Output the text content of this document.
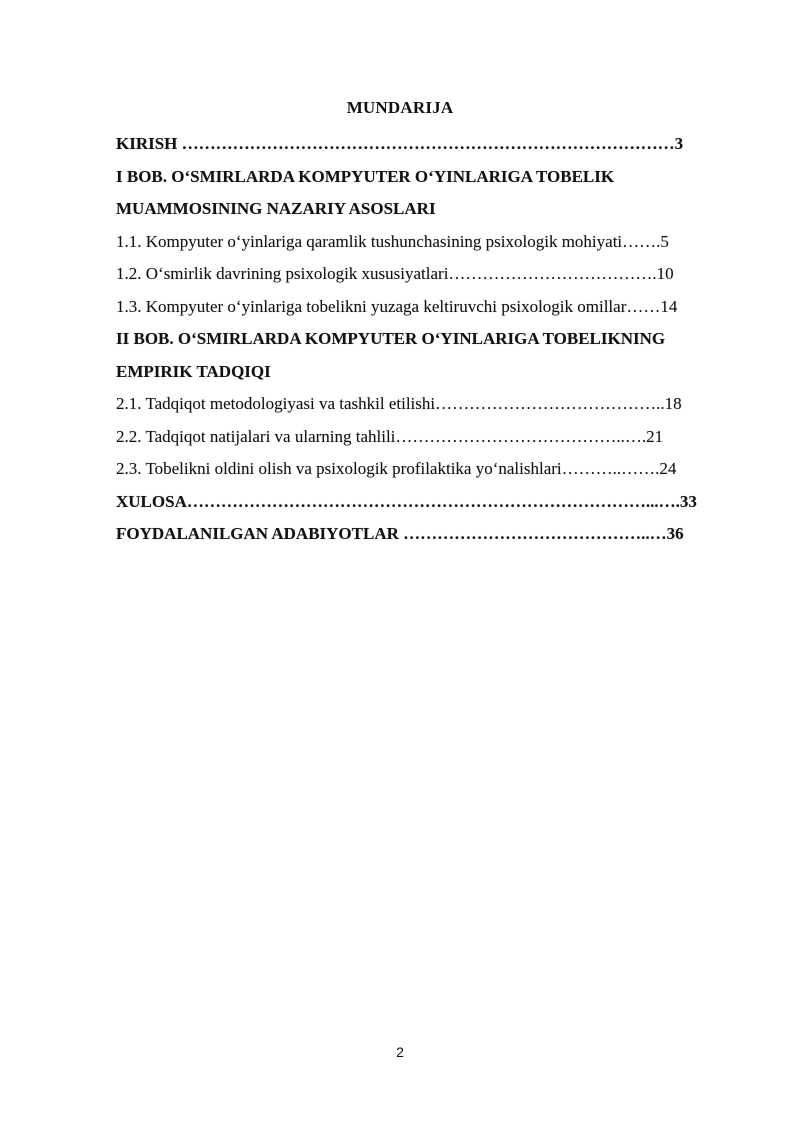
MUNDARIJA
KIRISH ……………………………………………………………………………3
I BOB. O‘SMIRLARDA KOMPYUTER O‘YINLARIGA TOBELIK
MUAMMOSINING NAZARIY ASOSLARI
1.1. Kompyuter o‘yinlariga qaramlik tushunchasining psixologik mohiyati…….5
1.2. O‘smirlik davrining psixologik xususiyatlari……………………………….10
1.3. Kompyuter o‘yinlariga tobelikni yuzaga keltiruvchi psixologik omillar……14
II BOB. O‘SMIRLARDA KOMPYUTER O‘YINLARIGA TOBELIKNING
EMPIRIK TADQIQI
2.1. Tadqiqot metodologiyasi va tashkil etilishi…………………………………..18
2.2. Tadqiqot natijalari va ularning tahlili…………………………………..….21
2.3. Tobelikni oldini olish va psixologik profilaktika yo‘nalishlari………..…….24
XULOSA………………………………………………………………………...….33
FOYDALANILGAN ADABIYOTLAR ……………………………………..…36
2
